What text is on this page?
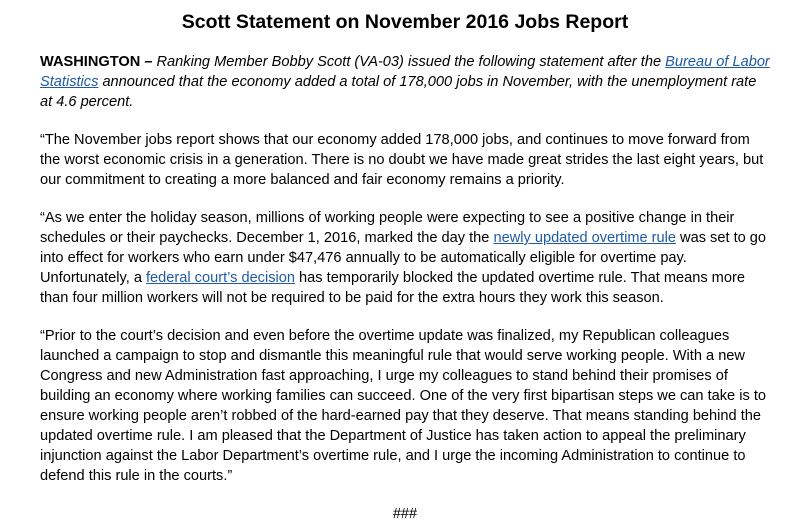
Scott Statement on November 2016 Jobs Report

WASHINGTON – Ranking Member Bobby Scott (VA-03) issued the following statement after the Bureau of Labor Statistics announced that the economy added a total of 178,000 jobs in November, with the unemployment rate at 4.6 percent.

“The November jobs report shows that our economy added 178,000 jobs, and continues to move forward from the worst economic crisis in a generation. There is no doubt we have made great strides the last eight years, but our commitment to creating a more balanced and fair economy remains a priority.

“As we enter the holiday season, millions of working people were expecting to see a positive change in their schedules or their paychecks. December 1, 2016, marked the day the newly updated overtime rule was set to go into effect for workers who earn under $47,476 annually to be automatically eligible for overtime pay. Unfortunately, a federal court’s decision has temporarily blocked the updated overtime rule. That means more than four million workers will not be required to be paid for the extra hours they work this season.

“Prior to the court’s decision and even before the overtime update was finalized, my Republican colleagues launched a campaign to stop and dismantle this meaningful rule that would serve working people. With a new Congress and new Administration fast approaching, I urge my colleagues to stand behind their promises of building an economy where working families can succeed. One of the very first bipartisan steps we can take is to ensure working people aren’t robbed of the hard-earned pay that they deserve. That means standing behind the updated overtime rule. I am pleased that the Department of Justice has taken action to appeal the preliminary injunction against the Labor Department’s overtime rule, and I urge the incoming Administration to continue to defend this rule in the courts.”

###
